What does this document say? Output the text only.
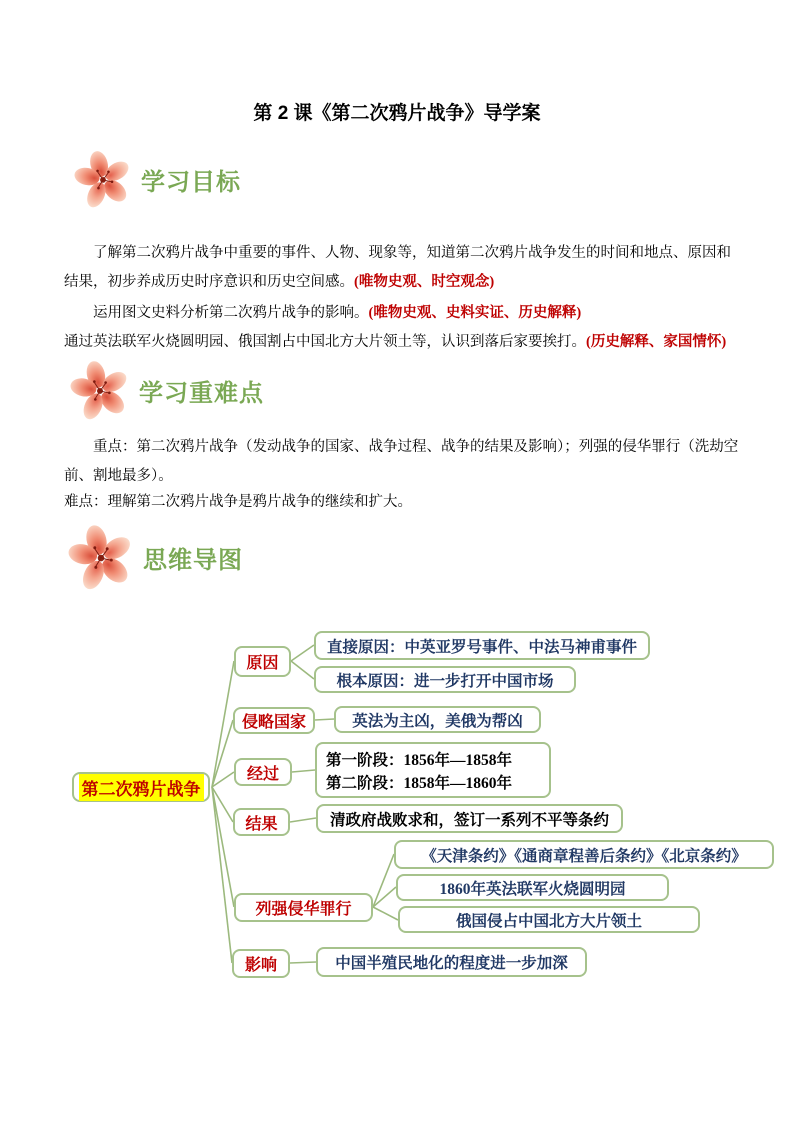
第 2 课《第二次鸦片战争》导学案
学习目标

了解第二次鸦片战争中重要的事件、人物、现象等，知道第二次鸦片战争发生的时间和地点、原因和
结果，初步养成历史时序意识和历史空间感。(唯物史观、时空观念)

运用图文史料分析第二次鸦片战争的影响。(唯物史观、史料实证、历史解释)

通过英法联军火烧圆明园、俄国割占中国北方大片领土等，认识到落后家要挨打。(历史解释、家国情怀)

学习重难点

重点：第二次鸦片战争（发动战争的国家、战争过程、战争的结果及影响）；列强的侵华罪行（洗劫空
前、割地最多）。

难点：理解第二次鸦片战争是鸦片战争的继续和扩大。

思维导图
第二次鸦片战争
原因
直接原因：中英亚罗号事件、中法马神甫事件
根本原因：进一步打开中国市场
侵略国家	英法为主凶，美俄为帮凶
经过
第一阶段：1856年—1858年
第二阶段：1858年—1860年
结果	清政府战败求和，签订一系列不平等条约
列强侵华罪行
《天津条约》《通商章程善后条约》《北京条约》
1860年英法联军火烧圆明园
俄国侵占中国北方大片领土
影响	中国半殖民地化的程度进一步加深
